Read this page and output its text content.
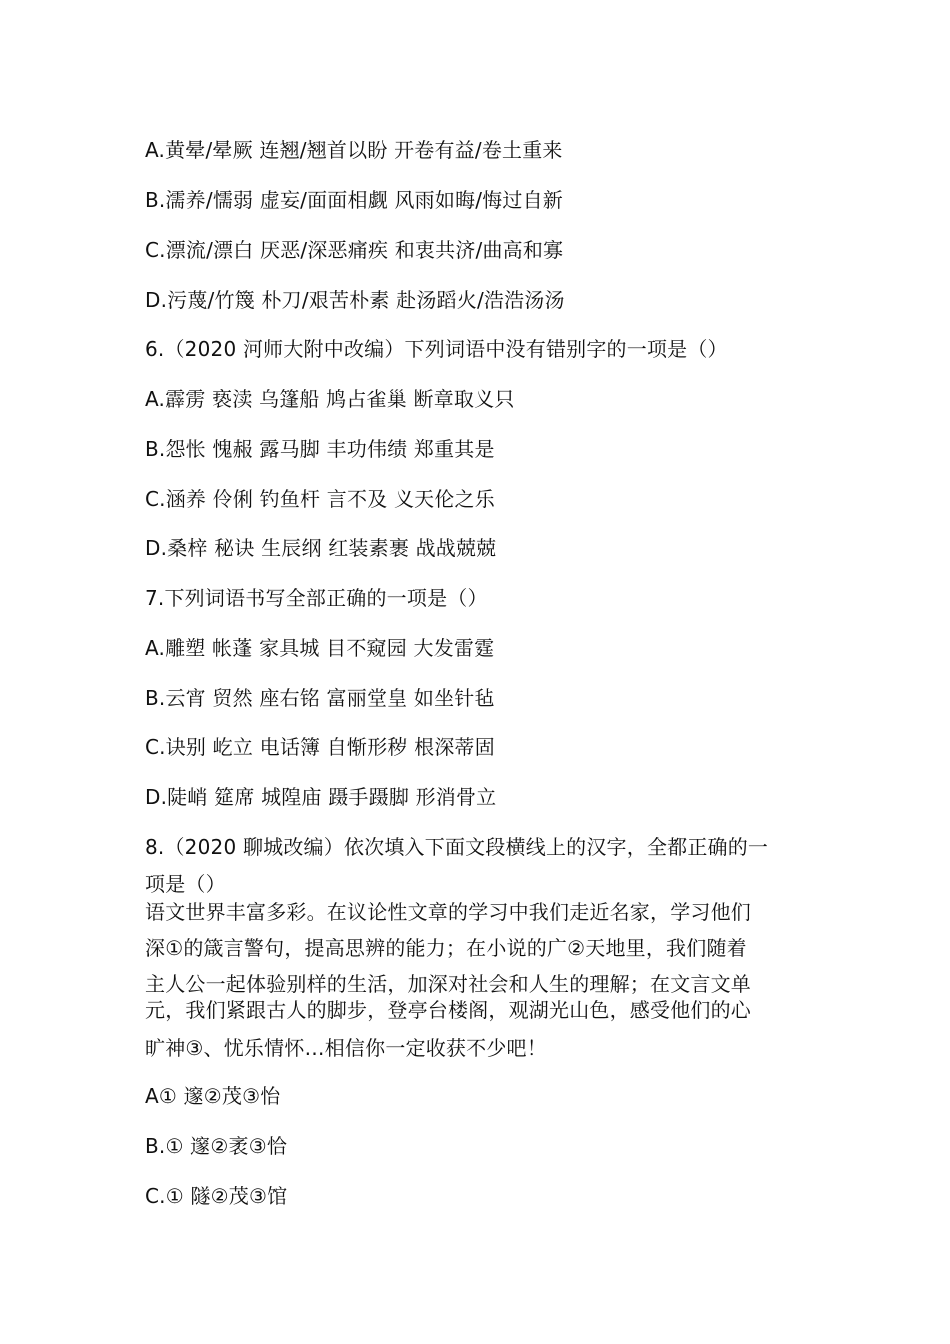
A.黄晕/晕厥 连翘/翘首以盼 开卷有益/卷土重来
B.濡养/懦弱 虚妄/面面相觑 风雨如晦/悔过自新
C.漂流/漂白 厌恶/深恶痛疾 和衷共济/曲高和寡
D.污蔑/竹篾 朴刀/艰苦朴素 赴汤蹈火/浩浩汤汤
6.（2020 河师大附中改编）下列词语中没有错别字的一项是（）
A.霹雳 亵渎 乌篷船 鸠占雀巢 断章取义只
B.怨怅 愧赧 露马脚 丰功伟绩 郑重其是
C.涵养 伶俐 钓鱼杆 言不及 义天伦之乐
D.桑梓 秘诀 生辰纲 红装素裹 战战兢兢
7.下列词语书写全部正确的一项是（）
A.雕塑 帐蓬 家具城 目不窥园 大发雷霆
B.云宵 贸然 座右铭 富丽堂皇 如坐针毡
C.诀别 屹立 电话簿 自惭形秽 根深蒂固
D.陡峭 筵席 城隍庙 蹑手蹑脚 形消骨立
8.（2020 聊城改编）依次填入下面文段横线上的汉字，全都正确的一
项是（）
语文世界丰富多彩。在议论性文章的学习中我们走近名家，学习他们
深①的箴言警句，提高思辨的能力；在小说的广②天地里，我们随着
主人公一起体验别样的生活，加深对社会和人生的理解；在文言文单
元，我们紧跟古人的脚步，登亭台楼阁，观湖光山色，感受他们的心
旷神③、忧乐情怀…相信你一定收获不少吧！
A① 邃②茂③怡
B.① 邃②袤③恰
C.① 隧②茂③馆
